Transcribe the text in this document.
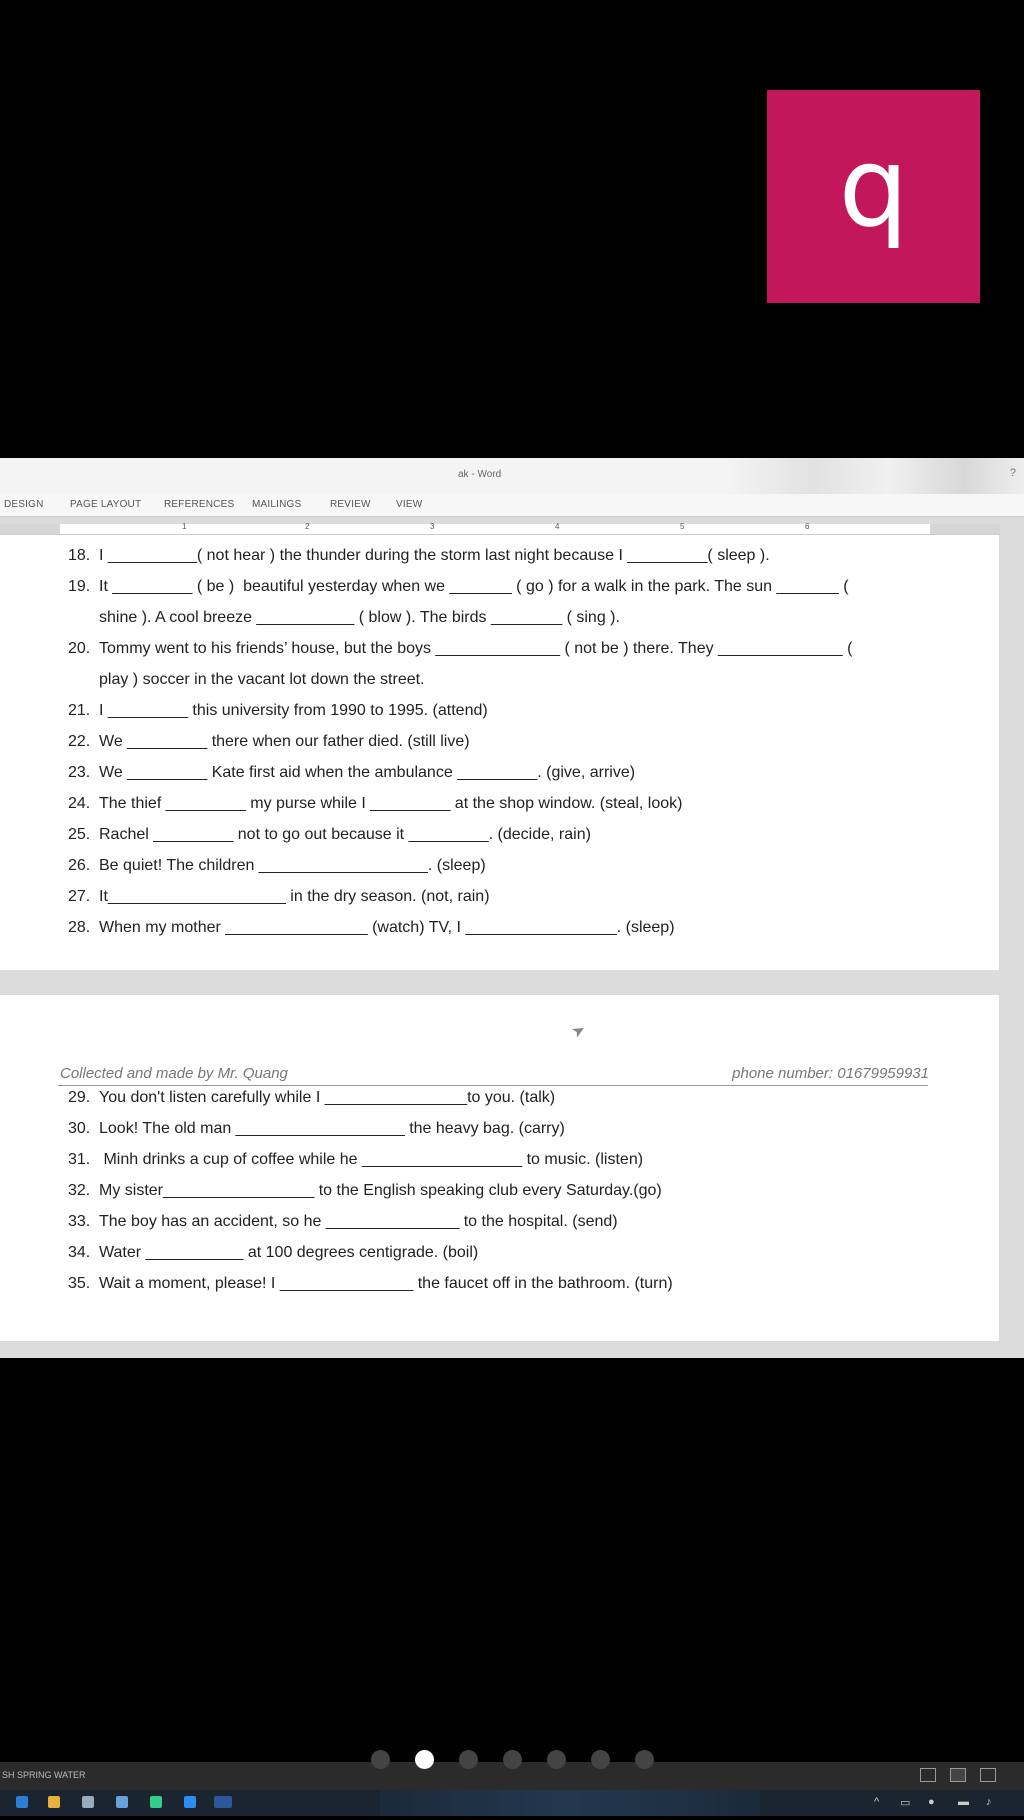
q
ak - Word	?
DESIGN	PAGE LAYOUT REFERENCES MAILINGS	REVIEW	VIEW
1	2	3	4	5	6
18. I __________( not hear ) the thunder during the storm last night because I _________( sleep ).
19. It _________ ( be )  beautiful yesterday when we _______ ( go ) for a walk in the park. The sun _______ (
shine ). A cool breeze ___________ ( blow ). The birds ________ ( sing ).
20. Tommy went to his friends’ house, but the boys ______________ ( not be ) there. They ______________ (
play ) soccer in the vacant lot down the street.
21. I _________ this university from 1990 to 1995. (attend)
22. We _________ there when our father died. (still live)
23. We _________ Kate first aid when the ambulance _________. (give, arrive)
24. The thief _________ my purse while I _________ at the shop window. (steal, look)
25. Rachel _________ not to go out because it _________. (decide, rain)
26. Be quiet! The children ___________________. (sleep)
27. It____________________ in the dry season. (not, rain)
28. When my mother ________________ (watch) TV, I _________________. (sleep)
➤
Collected and made by Mr. Quang	phone number: 01679959931
29. You don't listen carefully while I ________________to you. (talk)
30. Look! The old man ___________________ the heavy bag. (carry)
31. Minh drinks a cup of coffee while he __________________ to music. (listen)
32. My sister_________________ to the English speaking club every Saturday.(go)
33. The boy has an accident, so he _______________ to the hospital. (send)
34. Water ___________ at 100 degrees centigrade. (boil)
35. Wait a moment, please! I _______________ the faucet off in the bathroom. (turn)
SH SPRING WATER
^ ▭ ● ▬ ♪
